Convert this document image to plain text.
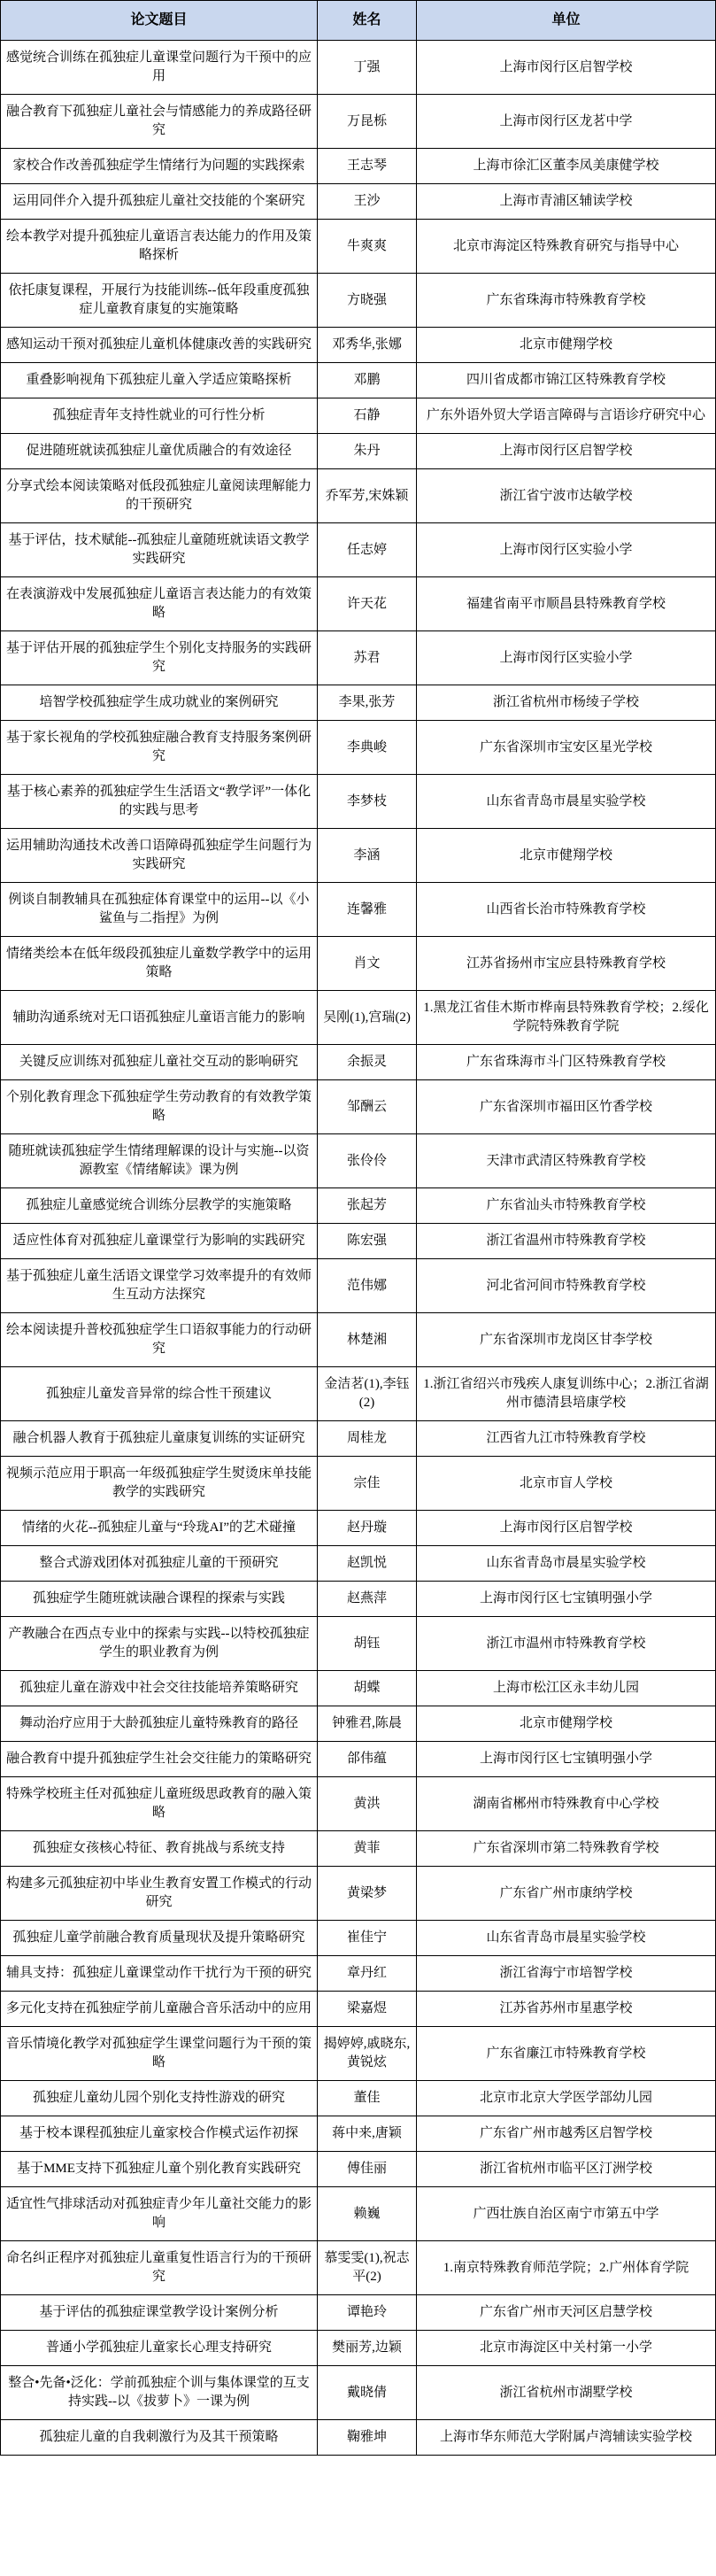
论文题目	姓名	单位
感觉统合训练在孤独症儿童课堂问题行为干预中的应用	丁强	上海市闵行区启智学校
融合教育下孤独症儿童社会与情感能力的养成路径研究	万昆栎	上海市闵行区龙茗中学
家校合作改善孤独症学生情绪行为问题的实践探索	王志琴	上海市徐汇区董李凤美康健学校
运用同伴介入提升孤独症儿童社交技能的个案研究	王沙	上海市青浦区辅读学校
绘本教学对提升孤独症儿童语言表达能力的作用及策略探析	牛爽爽	北京市海淀区特殊教育研究与指导中心
依托康复课程，开展行为技能训练--低年段重度孤独症儿童教育康复的实施策略	方晓强	广东省珠海市特殊教育学校
感知运动干预对孤独症儿童机体健康改善的实践研究	邓秀华,张娜	北京市健翔学校
重叠影响视角下孤独症儿童入学适应策略探析	邓鹏	四川省成都市锦江区特殊教育学校
孤独症青年支持性就业的可行性分析	石静	广东外语外贸大学语言障碍与言语诊疗研究中心
促进随班就读孤独症儿童优质融合的有效途径	朱丹	上海市闵行区启智学校
分享式绘本阅读策略对低段孤独症儿童阅读理解能力的干预研究	乔军芳,宋姝颖	浙江省宁波市达敏学校
基于评估，技术赋能--孤独症儿童随班就读语文教学实践研究	任志婷	上海市闵行区实验小学
在表演游戏中发展孤独症儿童语言表达能力的有效策略	许天花	福建省南平市顺昌县特殊教育学校
基于评估开展的孤独症学生个别化支持服务的实践研究	苏君	上海市闵行区实验小学
培智学校孤独症学生成功就业的案例研究	李果,张芳	浙江省杭州市杨绫子学校
基于家长视角的学校孤独症融合教育支持服务案例研究	李典峻	广东省深圳市宝安区星光学校
基于核心素养的孤独症学生生活语文“教学评”一体化的实践与思考	李梦枝	山东省青岛市晨星实验学校
运用辅助沟通技术改善口语障碍孤独症学生问题行为实践研究	李涵	北京市健翔学校
例谈自制教辅具在孤独症体育课堂中的运用--以《小鲨鱼与二指捏》为例	连馨雅	山西省长治市特殊教育学校
情绪类绘本在低年级段孤独症儿童数学教学中的运用策略	肖文	江苏省扬州市宝应县特殊教育学校
辅助沟通系统对无口语孤独症儿童语言能力的影响	吴刚(1),宫瑞(2)	1.黑龙江省佳木斯市桦南县特殊教育学校；2.绥化学院特殊教育学院
关键反应训练对孤独症儿童社交互动的影响研究	余振灵	广东省珠海市斗门区特殊教育学校
个别化教育理念下孤独症学生劳动教育的有效教学策略	邹酬云	广东省深圳市福田区竹香学校
随班就读孤独症学生情绪理解课的设计与实施--以资源教室《情绪解读》课为例	张伶伶	天津市武清区特殊教育学校
孤独症儿童感觉统合训练分层教学的实施策略	张起芳	广东省汕头市特殊教育学校
适应性体育对孤独症儿童课堂行为影响的实践研究	陈宏强	浙江省温州市特殊教育学校
基于孤独症儿童生活语文课堂学习效率提升的有效师生互动方法探究	范伟娜	河北省河间市特殊教育学校
绘本阅读提升普校孤独症学生口语叙事能力的行动研究	林楚湘	广东省深圳市龙岗区甘李学校
孤独症儿童发音异常的综合性干预建议	金洁茗(1),李钰(2)	1.浙江省绍兴市残疾人康复训练中心；2.浙江省湖州市德清县培康学校
融合机器人教育于孤独症儿童康复训练的实证研究	周桂龙	江西省九江市特殊教育学校
视频示范应用于职高一年级孤独症学生熨烫床单技能教学的实践研究	宗佳	北京市盲人学校
情绪的火花--孤独症儿童与“玲珑AI”的艺术碰撞	赵丹璇	上海市闵行区启智学校
整合式游戏团体对孤独症儿童的干预研究	赵凯悦	山东省青岛市晨星实验学校
孤独症学生随班就读融合课程的探索与实践	赵燕萍	上海市闵行区七宝镇明强小学
产教融合在西点专业中的探索与实践--以特校孤独症学生的职业教育为例	胡钰	浙江市温州市特殊教育学校
孤独症儿童在游戏中社会交往技能培养策略研究	胡蝶	上海市松江区永丰幼儿园
舞动治疗应用于大龄孤独症儿童特殊教育的路径	钟雅君,陈晨	北京市健翔学校
融合教育中提升孤独症学生社会交往能力的策略研究	郃伟蕴	上海市闵行区七宝镇明强小学
特殊学校班主任对孤独症儿童班级思政教育的融入策略	黄洪	湖南省郴州市特殊教育中心学校
孤独症女孩核心特征、教育挑战与系统支持	黄菲	广东省深圳市第二特殊教育学校
构建多元孤独症初中毕业生教育安置工作模式的行动研究	黄梁梦	广东省广州市康纳学校
孤独症儿童学前融合教育质量现状及提升策略研究	崔佳宁	山东省青岛市晨星实验学校
辅具支持：孤独症儿童课堂动作干扰行为干预的研究	章丹红	浙江省海宁市培智学校
多元化支持在孤独症学前儿童融合音乐活动中的应用	梁嘉煜	江苏省苏州市星惠学校
音乐情境化教学对孤独症学生课堂问题行为干预的策略	揭婷婷,戚晓东,黄锐炫	广东省廉江市特殊教育学校
孤独症儿童幼儿园个别化支持性游戏的研究	董佳	北京市北京大学医学部幼儿园
基于校本课程孤独症儿童家校合作模式运作初探	蒋中来,唐颖	广东省广州市越秀区启智学校
基于MME支持下孤独症儿童个别化教育实践研究	傅佳丽	浙江省杭州市临平区汀洲学校
适宜性气排球活动对孤独症青少年儿童社交能力的影响	赖巍	广西壮族自治区南宁市第五中学
命名纠正程序对孤独症儿童重复性语言行为的干预研究	慕雯雯(1),祝志平(2)	1.南京特殊教育师范学院；2.广州体育学院
基于评估的孤独症课堂教学设计案例分析	谭艳玲	广东省广州市天河区启慧学校
普通小学孤独症儿童家长心理支持研究	樊丽芳,边颖	北京市海淀区中关村第一小学
整合•先备•泛化：学前孤独症个训与集体课堂的互支持实践--以《拔萝卜》一课为例	戴晓倩	浙江省杭州市湖墅学校
孤独症儿童的自我刺激行为及其干预策略	鞠雅坤	上海市华东师范大学附属卢湾辅读实验学校
